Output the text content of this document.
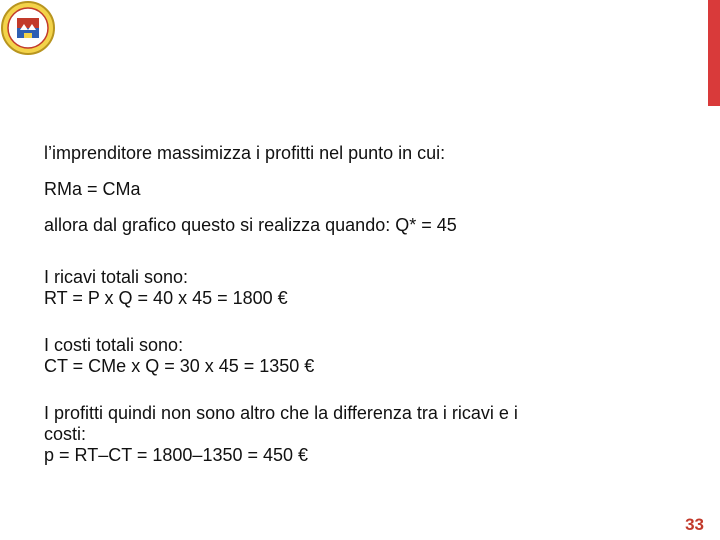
l’imprenditore massimizza i profitti nel punto in cui:
RMa = CMa
allora dal grafico questo si realizza quando: Q* = 45
I ricavi totali sono:
RT = P x Q = 40 x 45 = 1800 €
I costi totali sono:
CT = CMe x Q = 30 x 45 = 1350 €
I profitti quindi non sono altro che la differenza tra i ricavi e i
costi:
p = RT–CT = 1800–1350 = 450 €
33
